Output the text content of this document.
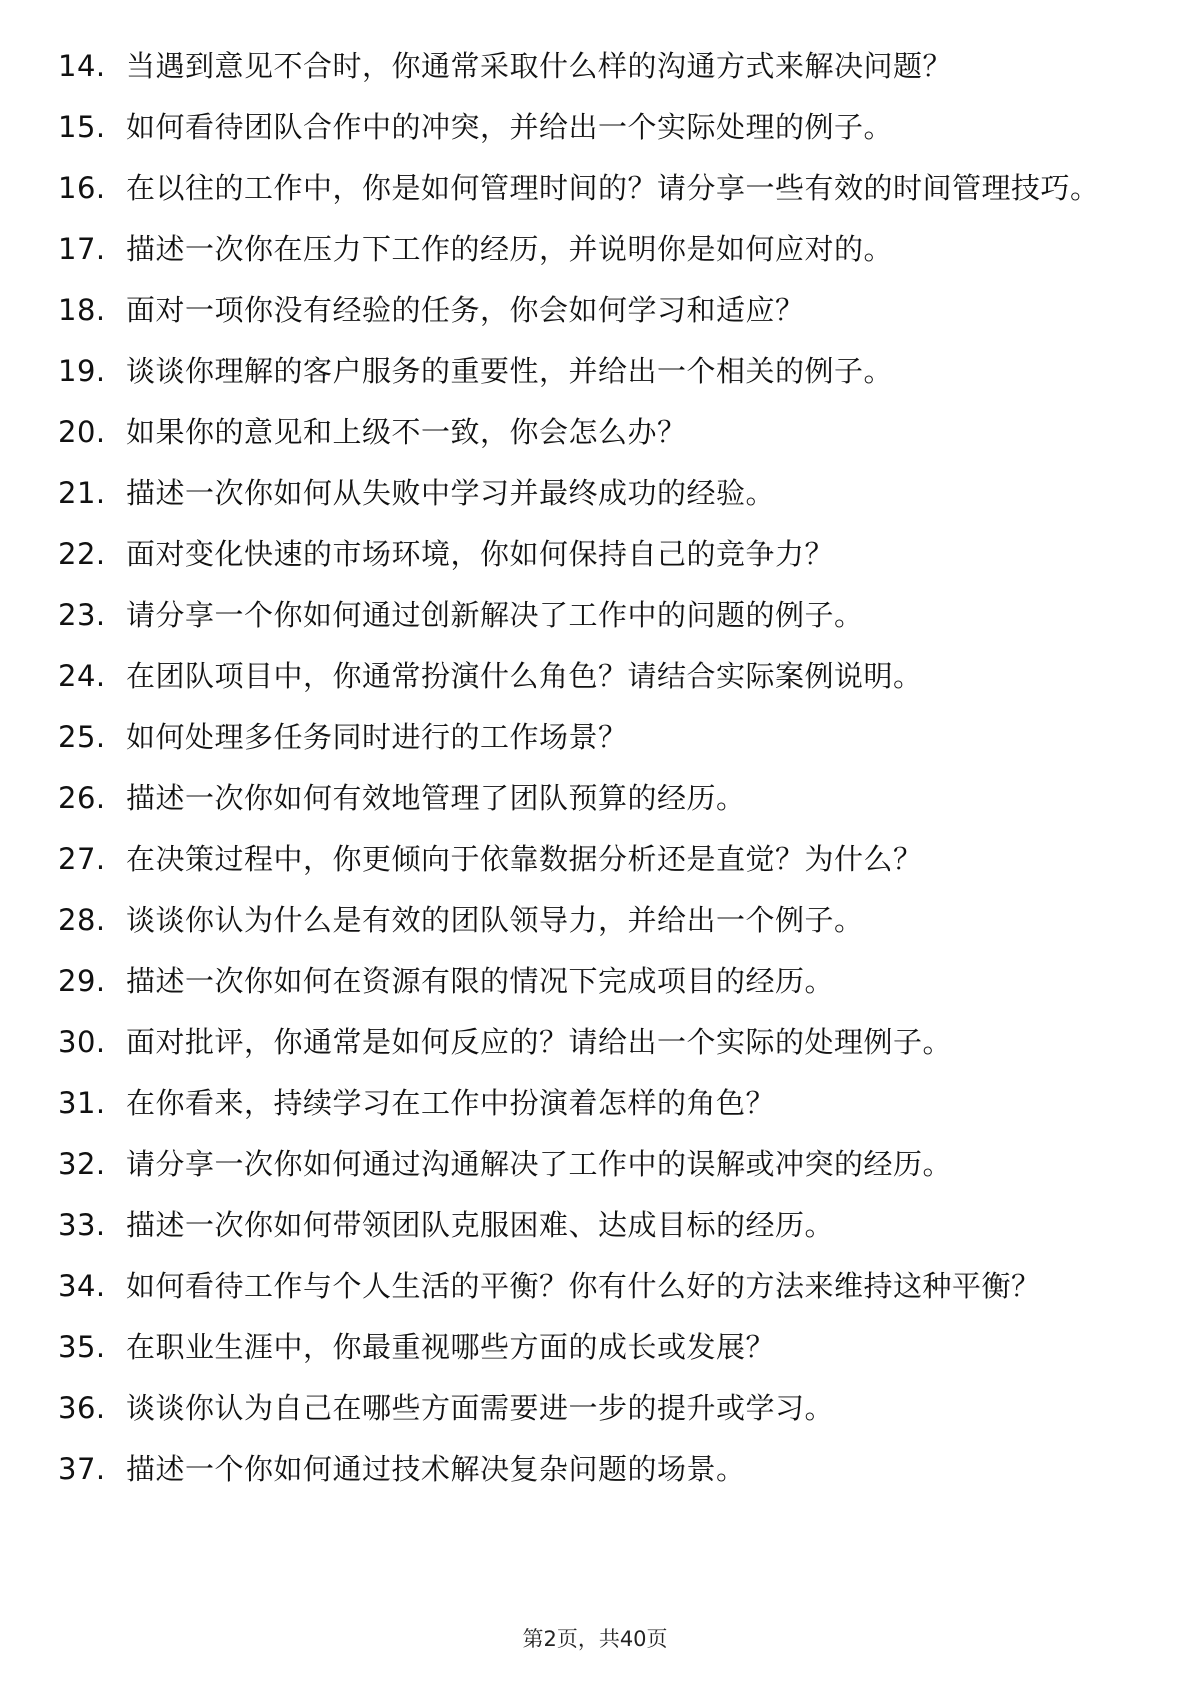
14. 当遇到意见不合时，你通常采取什么样的沟通方式来解决问题？
15. 如何看待团队合作中的冲突，并给出一个实际处理的例子。
16. 在以往的工作中，你是如何管理时间的？请分享一些有效的时间管理技巧。
17. 描述一次你在压力下工作的经历，并说明你是如何应对的。
18. 面对一项你没有经验的任务，你会如何学习和适应？
19. 谈谈你理解的客户服务的重要性，并给出一个相关的例子。
20. 如果你的意见和上级不一致，你会怎么办？
21. 描述一次你如何从失败中学习并最终成功的经验。
22. 面对变化快速的市场环境，你如何保持自己的竞争力？
23. 请分享一个你如何通过创新解决了工作中的问题的例子。
24. 在团队项目中，你通常扮演什么角色？请结合实际案例说明。
25. 如何处理多任务同时进行的工作场景？
26. 描述一次你如何有效地管理了团队预算的经历。
27. 在决策过程中，你更倾向于依靠数据分析还是直觉？为什么？
28. 谈谈你认为什么是有效的团队领导力，并给出一个例子。
29. 描述一次你如何在资源有限的情况下完成项目的经历。
30. 面对批评，你通常是如何反应的？请给出一个实际的处理例子。
31. 在你看来，持续学习在工作中扮演着怎样的角色？
32. 请分享一次你如何通过沟通解决了工作中的误解或冲突的经历。
33. 描述一次你如何带领团队克服困难、达成目标的经历。
34. 如何看待工作与个人生活的平衡？你有什么好的方法来维持这种平衡？
35. 在职业生涯中，你最重视哪些方面的成长或发展？
36. 谈谈你认为自己在哪些方面需要进一步的提升或学习。
37. 描述一个你如何通过技术解决复杂问题的场景。
第2页，共40页
